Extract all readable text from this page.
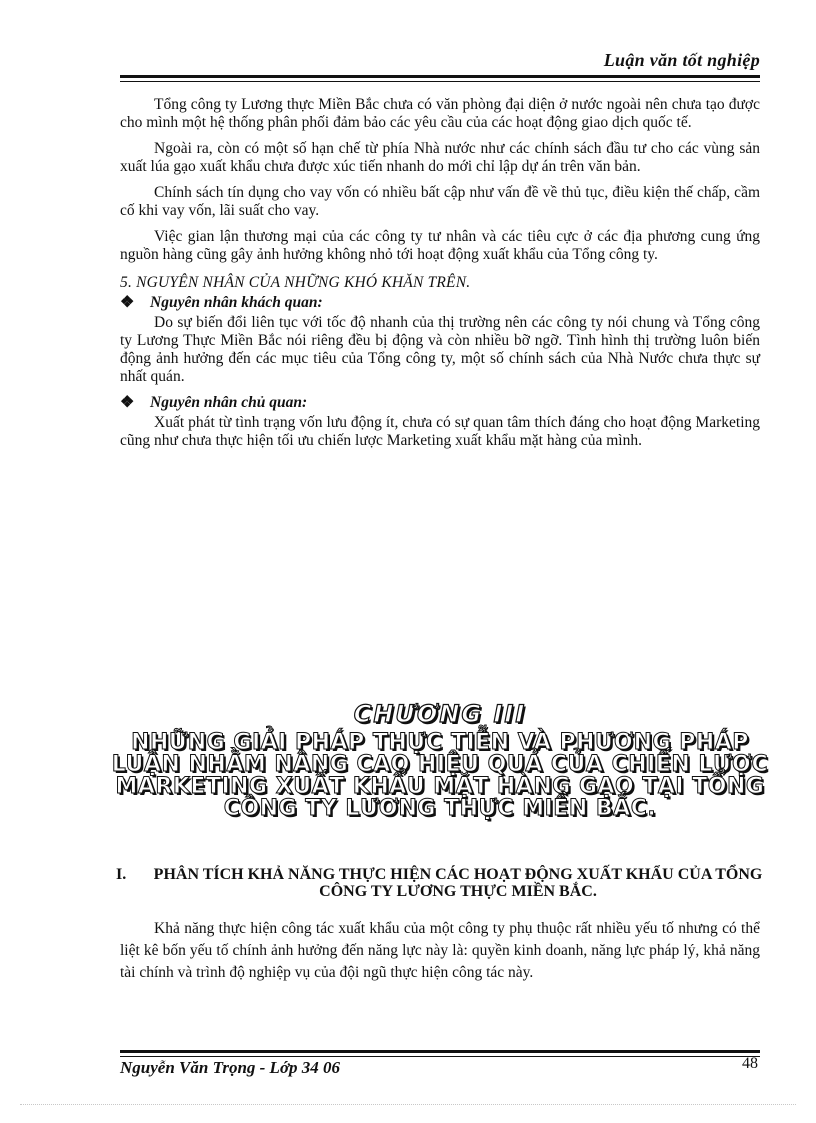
Luận văn tốt nghiệp

Tổng công ty Lương thực Miền Bắc chưa có văn phòng đại diện ở nước ngoài nên chưa tạo được cho mình một hệ thống phân phối đảm bảo các yêu cầu của các hoạt động giao dịch quốc tế.

Ngoài ra, còn có một số hạn chế từ phía Nhà nước như các chính sách đầu tư cho các vùng sản xuất lúa gạo xuất khẩu chưa được xúc tiến nhanh do mới chỉ lập dự án trên văn bản.

Chính sách tín dụng cho vay vốn có nhiều bất cập như vấn đề về thủ tục, điều kiện thế chấp, cầm cố khi vay vốn, lãi suất cho vay.

Việc gian lận thương mại của các công ty tư nhân và các tiêu cực ở các địa phương cung ứng nguồn hàng cũng gây ảnh hưởng không nhỏ tới hoạt động xuất khẩu của Tổng công ty.

5. NGUYÊN NHÂN CỦA NHỮNG KHÓ KHĂN TRÊN.
❖	Nguyên nhân khách quan:

Do sự biến đổi liên tục với tốc độ nhanh của thị trường nên các công ty nói chung và Tổng công ty Lương Thực Miền Bắc nói riêng đều bị động và còn nhiều bỡ ngỡ. Tình hình thị trường luôn biến động ảnh hưởng đến các mục tiêu của Tổng công ty, một số chính sách của Nhà Nước chưa thực sự nhất quán.

❖	Nguyên nhân chủ quan:

Xuất phát từ tình trạng vốn lưu động ít, chưa có sự quan tâm thích đáng cho hoạt động Marketing cũng như chưa thực hiện tối ưu chiến lược Marketing xuất khẩu mặt hàng của mình.

CHƯƠNG III
NHỮNG GIẢI PHÁP THỰC TIỄN VÀ PHƯƠNG PHÁP LUẬN NHẰM NÂNG CAO HIỆU QUẢ CỦA CHIẾN LƯỢC MARKETING XUẤT KHẨU MẶT HÀNG GẠO TẠI TỔNG CÔNG TY LƯƠNG THỰC MIỀN BẮC.
I.	PHÂN TÍCH KHẢ NĂNG THỰC HIỆN CÁC HOẠT ĐỘNG XUẤT KHẨU CỦA TỔNG CÔNG TY LƯƠNG THỰC MIỀN BẮC.

Khả năng thực hiện công tác xuất khẩu của một công ty phụ thuộc rất nhiều yếu tố nhưng có thể liệt kê bốn yếu tố chính ảnh hưởng đến năng lực này là: quyền kinh doanh, năng lực pháp lý, khả năng tài chính và trình độ nghiệp vụ của đội ngũ thực hiện công tác này.

Nguyễn Văn Trọng - Lớp 34 06	48
